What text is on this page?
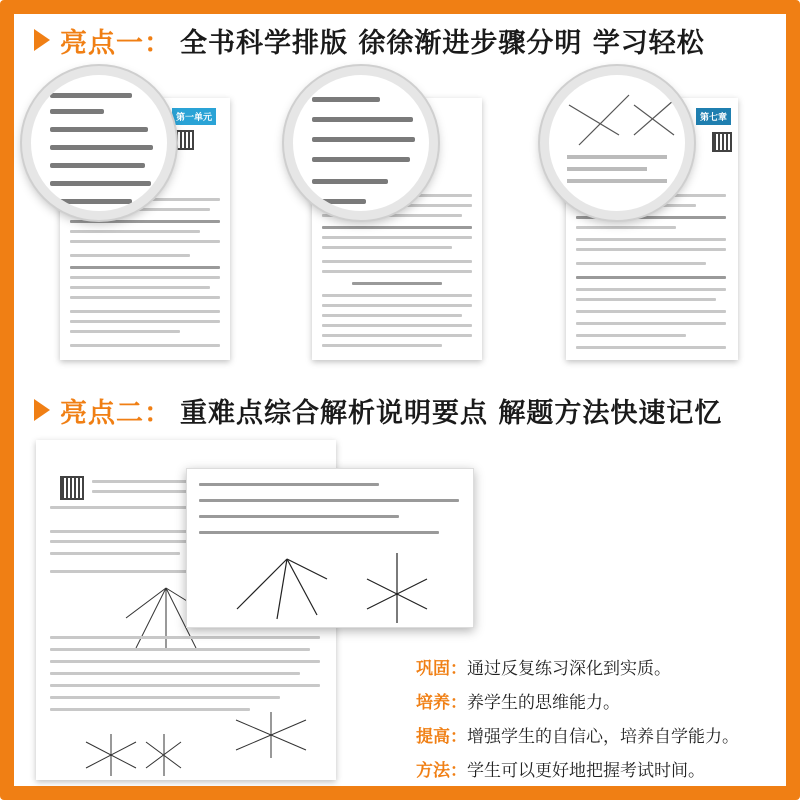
亮点一： 全书科学排版 徐徐渐进步骤分明 学习轻松
第一单元	第七章
亮点二： 重难点综合解析说明要点 解题方法快速记忆
巩固： 通过反复练习深化到实质。
培养： 养学生的思维能力。
提高： 增强学生的自信心，培养自学能力。
方法： 学生可以更好地把握考试时间。
